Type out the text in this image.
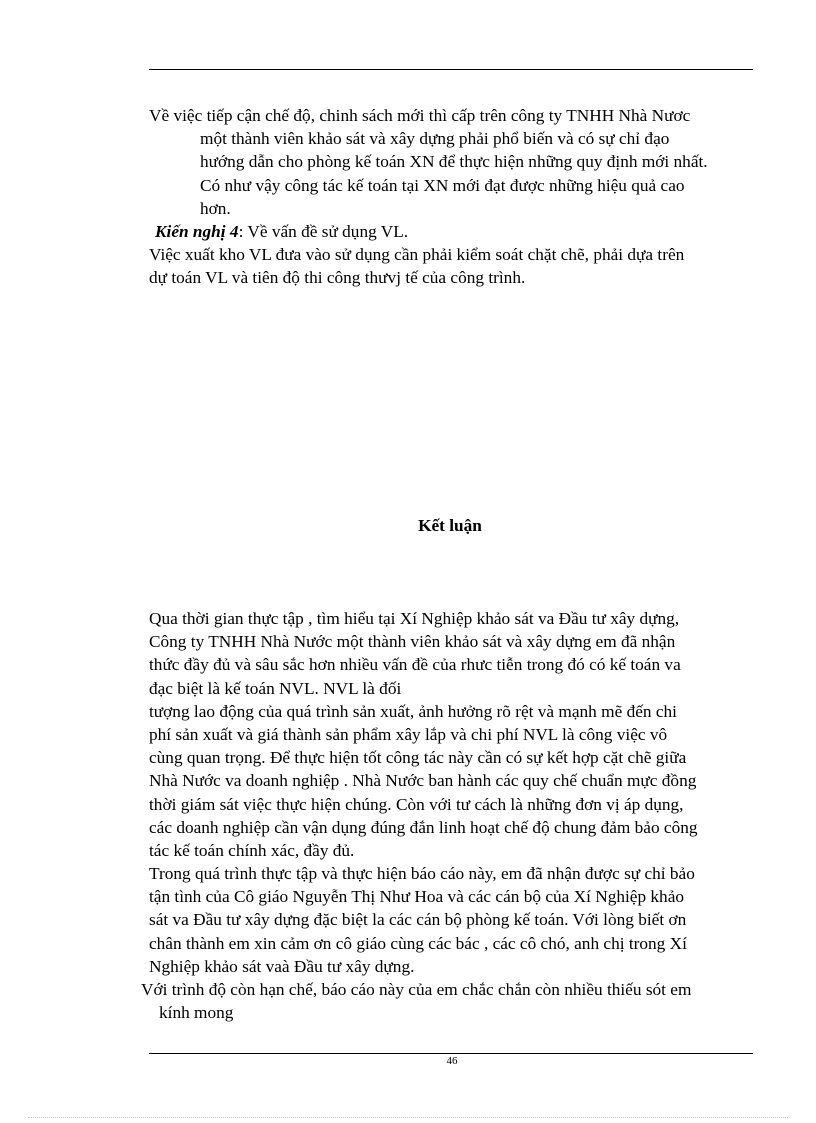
Về việc tiếp cận chế độ, chinh sách mới thì cấp trên công ty TNHH Nhà Nươc
một thành viên khảo sát và xây dựng phải phổ biến và có sự chỉ đạo
hướng dẫn cho phòng kế toán XN để thực hiện những quy định mới nhất.
Có như vậy công tác kế toán tại XN mới đạt được những hiệu quả cao
hơn.
Kiến nghị 4: Về vấn đề sử dụng VL.
Việc xuất kho VL đưa vào sử dụng cần phải kiểm soát chặt chẽ, phải dựa trên
dự toán VL và tiên độ thi công thưvj tế của công trình.
Kết luận
Qua thời gian thực tập , tìm hiểu tại Xí Nghiệp khảo sát va Đầu tư xây dựng,
Công ty TNHH Nhà Nước một thành viên khảo sát và xây dựng em đã nhận
thức đầy đủ và sâu sắc hơn nhiều vấn đề của rhưc tiễn trong đó có kế toán va
đạc biệt là kế toán NVL. NVL là đối
tượng lao động của quá trình sản xuất, ảnh hưởng rõ rệt và mạnh mẽ đến chi
phí sản xuất và giá thành sản phẩm xây lắp và chi phí NVL là công việc vô
cùng quan trọng. Để thực hiện tốt công tác này cần có sự kết hợp cặt chẽ giữa
Nhà Nước va doanh nghiệp . Nhà Nước ban hành các quy chế chuẩn mực đồng
thời giám sát việc thực hiện chúng. Còn với tư cách là những đơn vị áp dụng,
các doanh nghiệp cần vận dụng đúng đắn linh hoạt chế độ chung đảm bảo công
tác kế toán chính xác, đầy đủ.
Trong quá trình thực tập và thực hiện báo cáo này, em đã nhận được sự chỉ bảo
tận tình của Cô giáo Nguyễn Thị Như Hoa và các cán bộ của Xí Nghiệp khảo
sát va Đầu tư xây dựng đặc biệt la các cán bộ phòng kế toán. Với lòng biết ơn
chân thành em xin cảm ơn cô giáo cùng các bác , các cô chó, anh chị trong Xí
Nghiệp khảo sát vaà Đầu tư xây dựng.
Với trình độ còn hạn chế, báo cáo này của em chắc chắn còn nhiều thiếu sót em
kính mong
46
